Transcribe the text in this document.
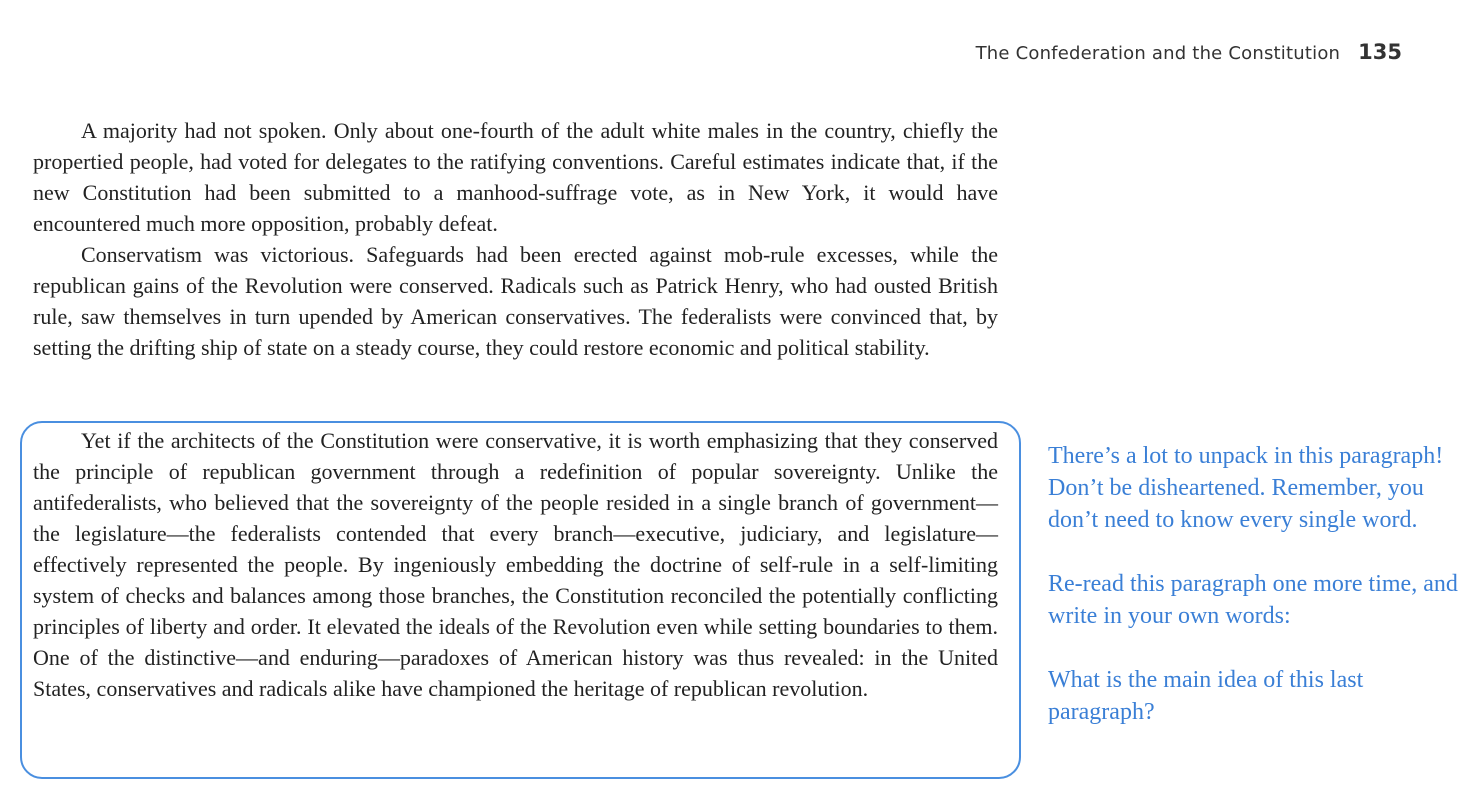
The Confederation and the Constitution 135

A majority had not spoken. Only about one-fourth of the adult white males in the country, chiefly the propertied people, had voted for delegates to the ratifying conventions. Careful estimates indicate that, if the new Constitution had been submitted to a manhood-suffrage vote, as in New York, it would have encountered much more opposition, probably defeat.

Conservatism was victorious. Safeguards had been erected against mob-rule excesses, while the republican gains of the Revolution were conserved. Radicals such as Patrick Henry, who had ousted British rule, saw themselves in turn upended by American conservatives. The federalists were convinced that, by setting the drifting ship of state on a steady course, they could restore economic and political stability.

Yet if the architects of the Constitution were conservative, it is worth emphasizing that they conserved the principle of republican government through a redefinition of popular sovereignty. Unlike the antifederalists, who believed that the sovereignty of the people resided in a single branch of government—the legislature—the federalists contended that every branch—executive, judiciary, and legislature—effectively represented the people. By ingeniously embedding the doctrine of self-rule in a self-limiting system of checks and balances among those branches, the Constitution reconciled the potentially conflicting principles of liberty and order. It elevated the ideals of the Revolution even while setting boundaries to them. One of the distinctive—and enduring—paradoxes of American history was thus revealed: in the United States, conservatives and radicals alike have championed the heritage of republican revolution.

There’s a lot to unpack in this paragraph! Don’t be disheartened. Remember, you don’t need to know every single word.

Re-read this paragraph one more time, and write in your own words:

What is the main idea of this last paragraph?
